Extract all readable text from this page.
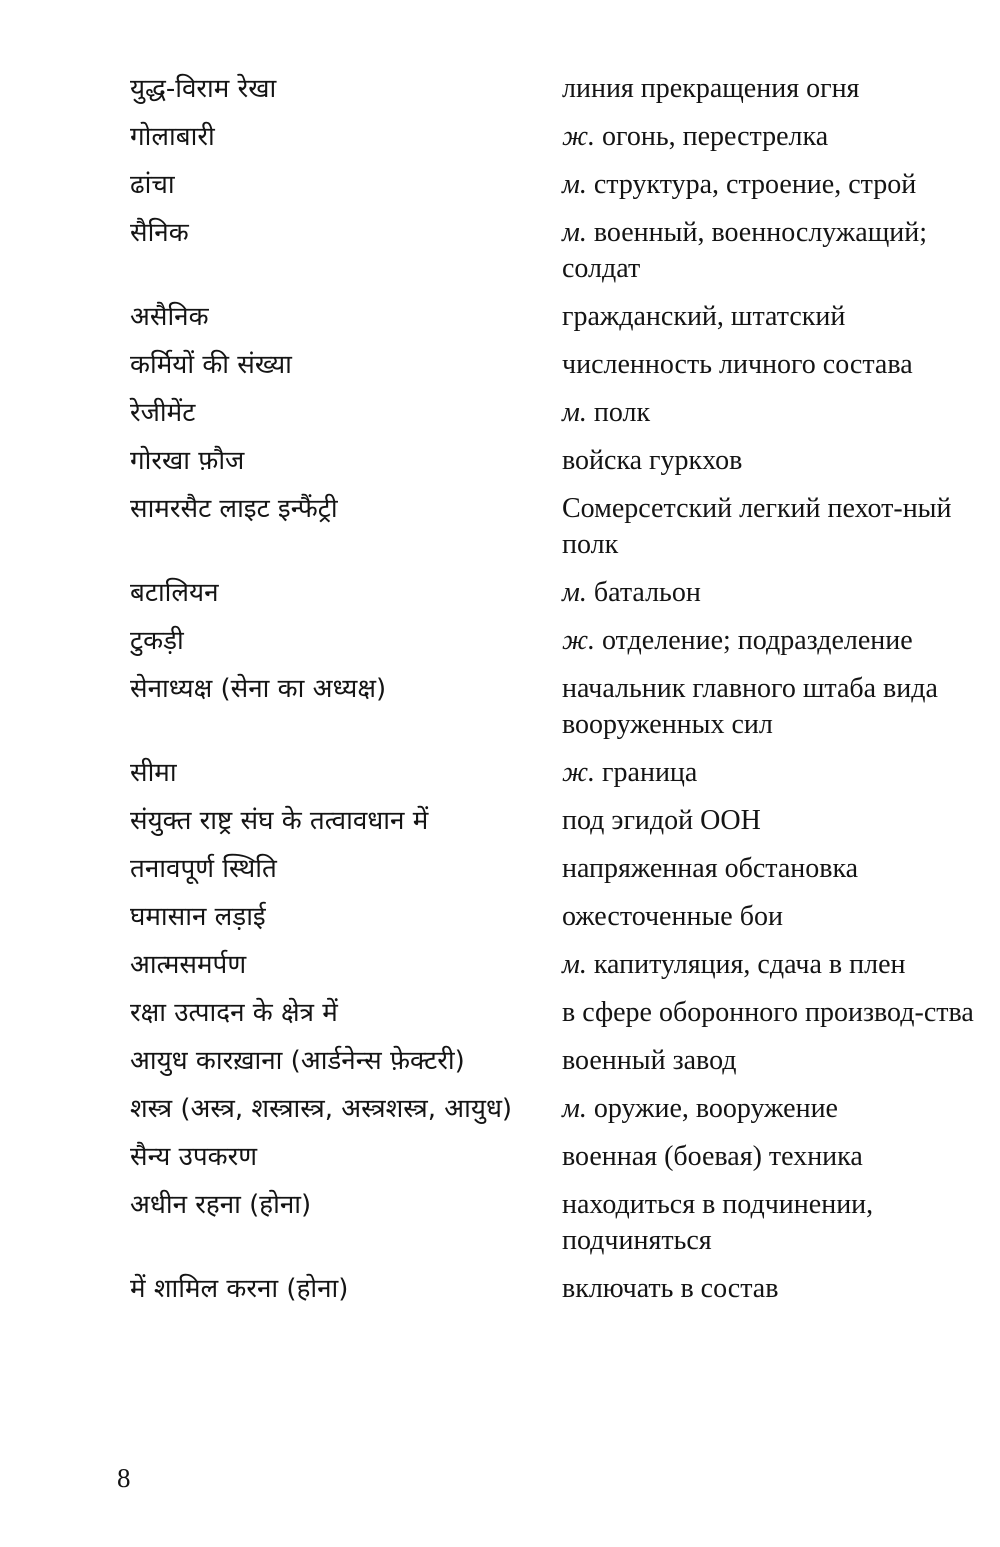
युद्ध-विराम रेखा	линия прекращения огня
गोलाबारी	ж. огонь, перестрелка
ढांचा	м. структура, строение, строй
सैनिक	м. военный, военнослужащий; солдат
असैनिक	гражданский, штатский
कर्मियों की संख्या	численность личного состава
रेजीमेंट	м. полк
गोरखा फ़ौज	войска гуркхов
सामरसैट लाइट इन्फैंट्री	Сомерсетский легкий пехот-ный полк
बटालियन	м. батальон
टुकड़ी	ж. отделение; подразделение
सेनाध्यक्ष (सेना का अध्यक्ष)	начальник главного штаба вида вооруженных сил
सीमा	ж. граница
संयुक्त राष्ट्र संघ के तत्वावधान में	под эгидой ООН
तनावपूर्ण स्थिति	напряженная обстановка
घमासान लड़ाई	ожесточенные бои
आत्मसमर्पण	м. капитуляция, сдача в плен
रक्षा उत्पादन के क्षेत्र में	в сфере оборонного производ-ства
आयुध कारख़ाना (आर्डनेन्स फ़ेक्टरी)	военный завод
शस्त्र (अस्त्र, शस्त्रास्त्र, अस्त्रशस्त्र, आयुध)	м. оружие, вооружение
सैन्य उपकरण	военная (боевая) техника
अधीन रहना (होना)	находиться в подчинении, подчиняться
में शामिल करना (होना)	включать в состав
8
